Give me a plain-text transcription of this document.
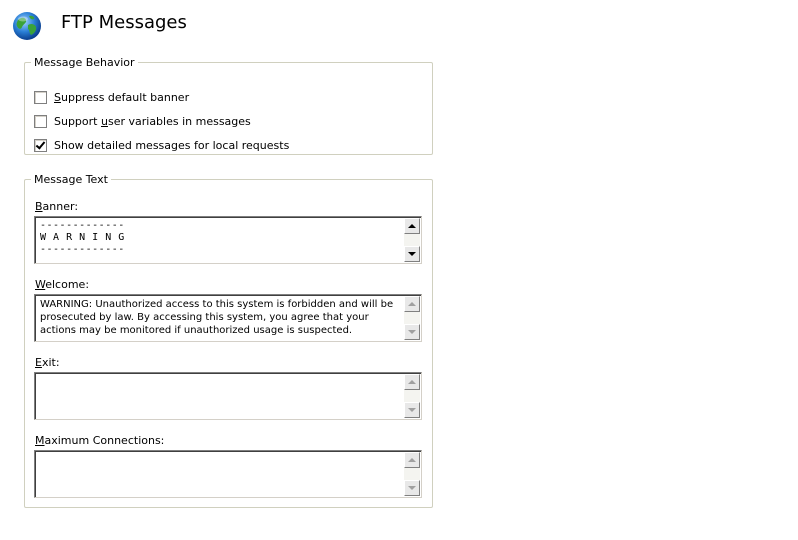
FTP Messages
Message Behavior
Suppress default banner
Support user variables in messages
Show detailed messages for local requests
Message Text
Banner:
-------------
W A R N I N G
-------------
Welcome:
WARNING: Unauthorized access to this system is forbidden and will be prosecuted by law. By accessing this system, you agree that your actions may be monitored if unauthorized usage is suspected.
Exit:
Maximum Connections:
